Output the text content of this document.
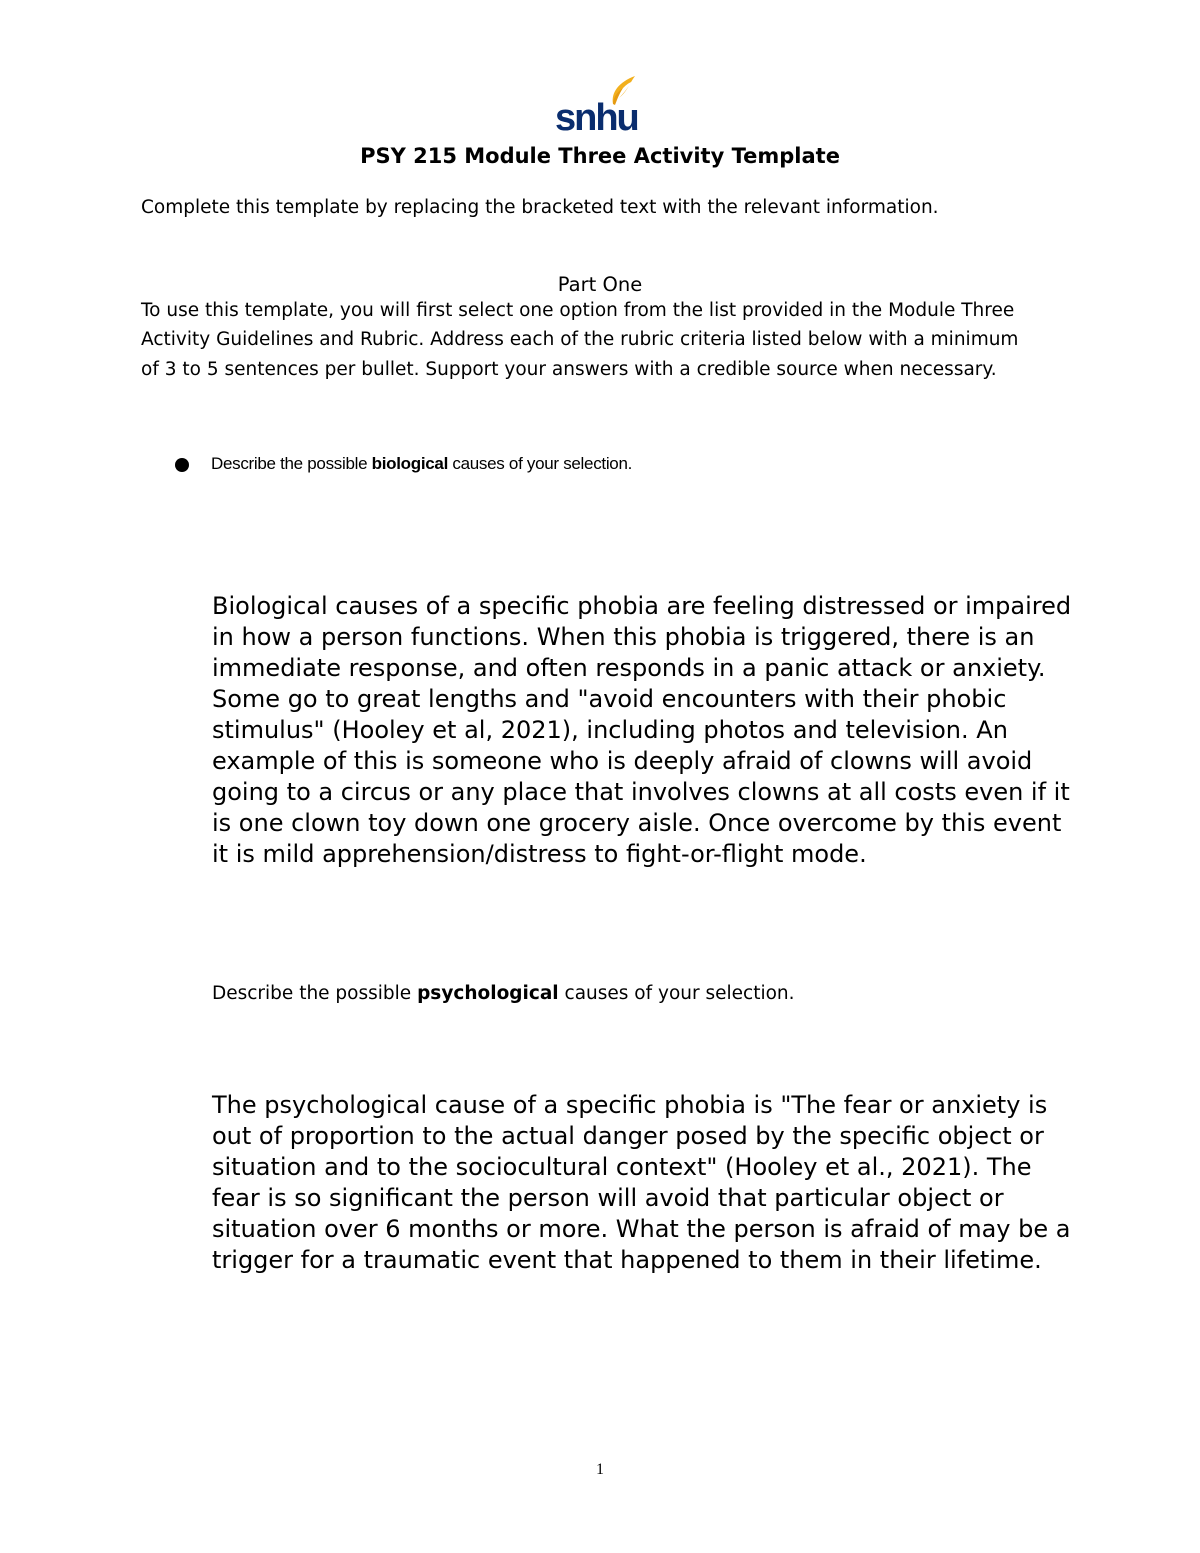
snhu
PSY 215 Module Three Activity Template

Complete this template by replacing the bracketed text with the relevant information.

Part One

To use this template, you will first select one option from the list provided in the Module Three Activity Guidelines and Rubric. Address each of the rubric criteria listed below with a minimum of 3 to 5 sentences per bullet. Support your answers with a credible source when necessary.

Describe the possible biological causes of your selection.

Biological causes of a specific phobia are feeling distressed or impaired in how a person functions. When this phobia is triggered, there is an immediate response, and often responds in a panic attack or anxiety. Some go to great lengths and "avoid encounters with their phobic stimulus" (Hooley et al, 2021), including photos and television. An example of this is someone who is deeply afraid of clowns will avoid going to a circus or any place that involves clowns at all costs even if it is one clown toy down one grocery aisle. Once overcome by this event it is mild apprehension/distress to fight-or-flight mode.

Describe the possible psychological causes of your selection.

The psychological cause of a specific phobia is "The fear or anxiety is out of proportion to the actual danger posed by the specific object or situation and to the sociocultural context" (Hooley et al., 2021). The fear is so significant the person will avoid that particular object or situation over 6 months or more. What the person is afraid of may be a trigger for a traumatic event that happened to them in their lifetime.

1
